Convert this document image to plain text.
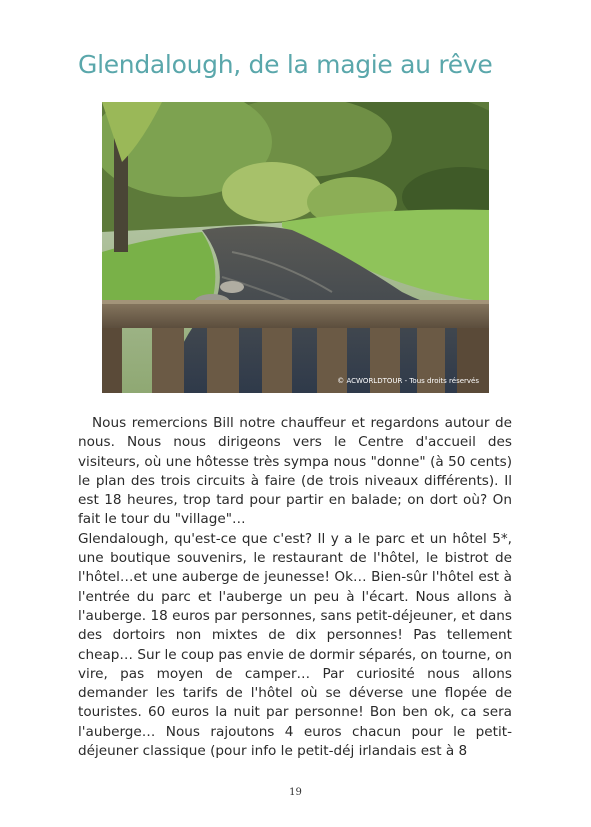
Glendalough, de la magie au rêve
© ACWORLDTOUR - Tous droits réservés

Nous remercions Bill notre chauffeur et regardons autour de nous. Nous nous dirigeons vers le Centre d'accueil des visiteurs, où une hôtesse très sympa nous "donne" (à 50 cents) le plan des trois circuits à faire (de trois niveaux différents). Il est 18 heures, trop tard pour partir en balade; on dort où? On fait le tour du "village"…

Glendalough, qu'est-ce que c'est? Il y a le parc et un hôtel 5*, une boutique souvenirs, le restaurant de l'hôtel, le bistrot de l'hôtel…et une auberge de jeunesse! Ok… Bien-sûr l'hôtel est à l'entrée du parc et l'auberge un peu à l'écart. Nous allons à l'auberge. 18 euros par personnes, sans petit-déjeuner, et dans des dortoirs non mixtes de dix personnes! Pas tellement cheap… Sur le coup pas envie de dormir séparés, on tourne, on vire, pas moyen de camper… Par curiosité nous allons demander les tarifs de l'hôtel où se déverse une flopée de touristes. 60 euros la nuit par personne! Bon ben ok, ca sera l'auberge… Nous rajoutons 4 euros chacun pour le petit-déjeuner classique (pour info le petit-déj irlandais est à 8

19
